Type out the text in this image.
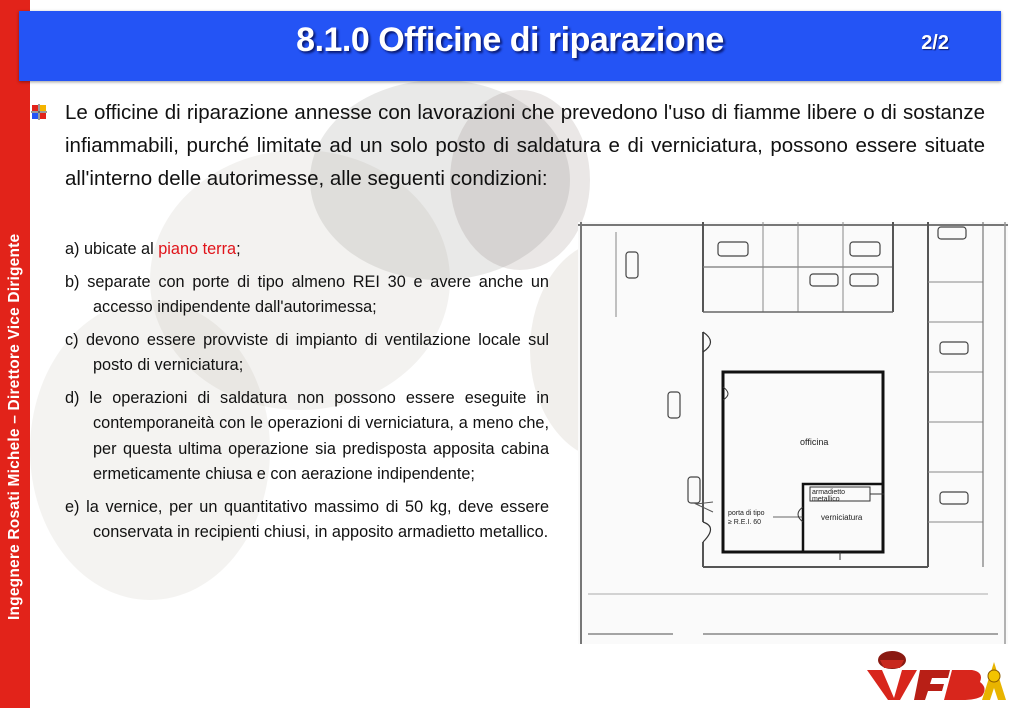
Ingegnere Rosati Michele – Direttore Vice Dirigente
8.1.0 Officine di riparazione	2/2
Le officine di riparazione annesse con lavorazioni che prevedono l'uso di fiamme libere o di sostanze infiammabili, purché limitate ad un solo posto di saldatura e di verniciatura, possono essere situate all'interno delle autorimesse, alle seguenti condizioni:
a) ubicate al piano terra;
b) separate con porte di tipo almeno REI 30 e avere anche un accesso indipendente dall'autorimessa;
c) devono essere provviste di impianto di ventilazione locale sul posto di verniciatura;
d) le operazioni di saldatura non possono essere eseguite in contemporaneità con le operazioni di verniciatura, a meno che, per questa ultima operazione sia predisposta apposita cabina ermeticamente chiusa e con aerazione indipendente;
e) la vernice, per un quantitativo massimo di 50 kg, deve essere conservata in recipienti chiusi, in apposito armadietto metallico.
officina
armadietto
metallico
verniciatura
porta di tipo
≥ R.E.I. 60
